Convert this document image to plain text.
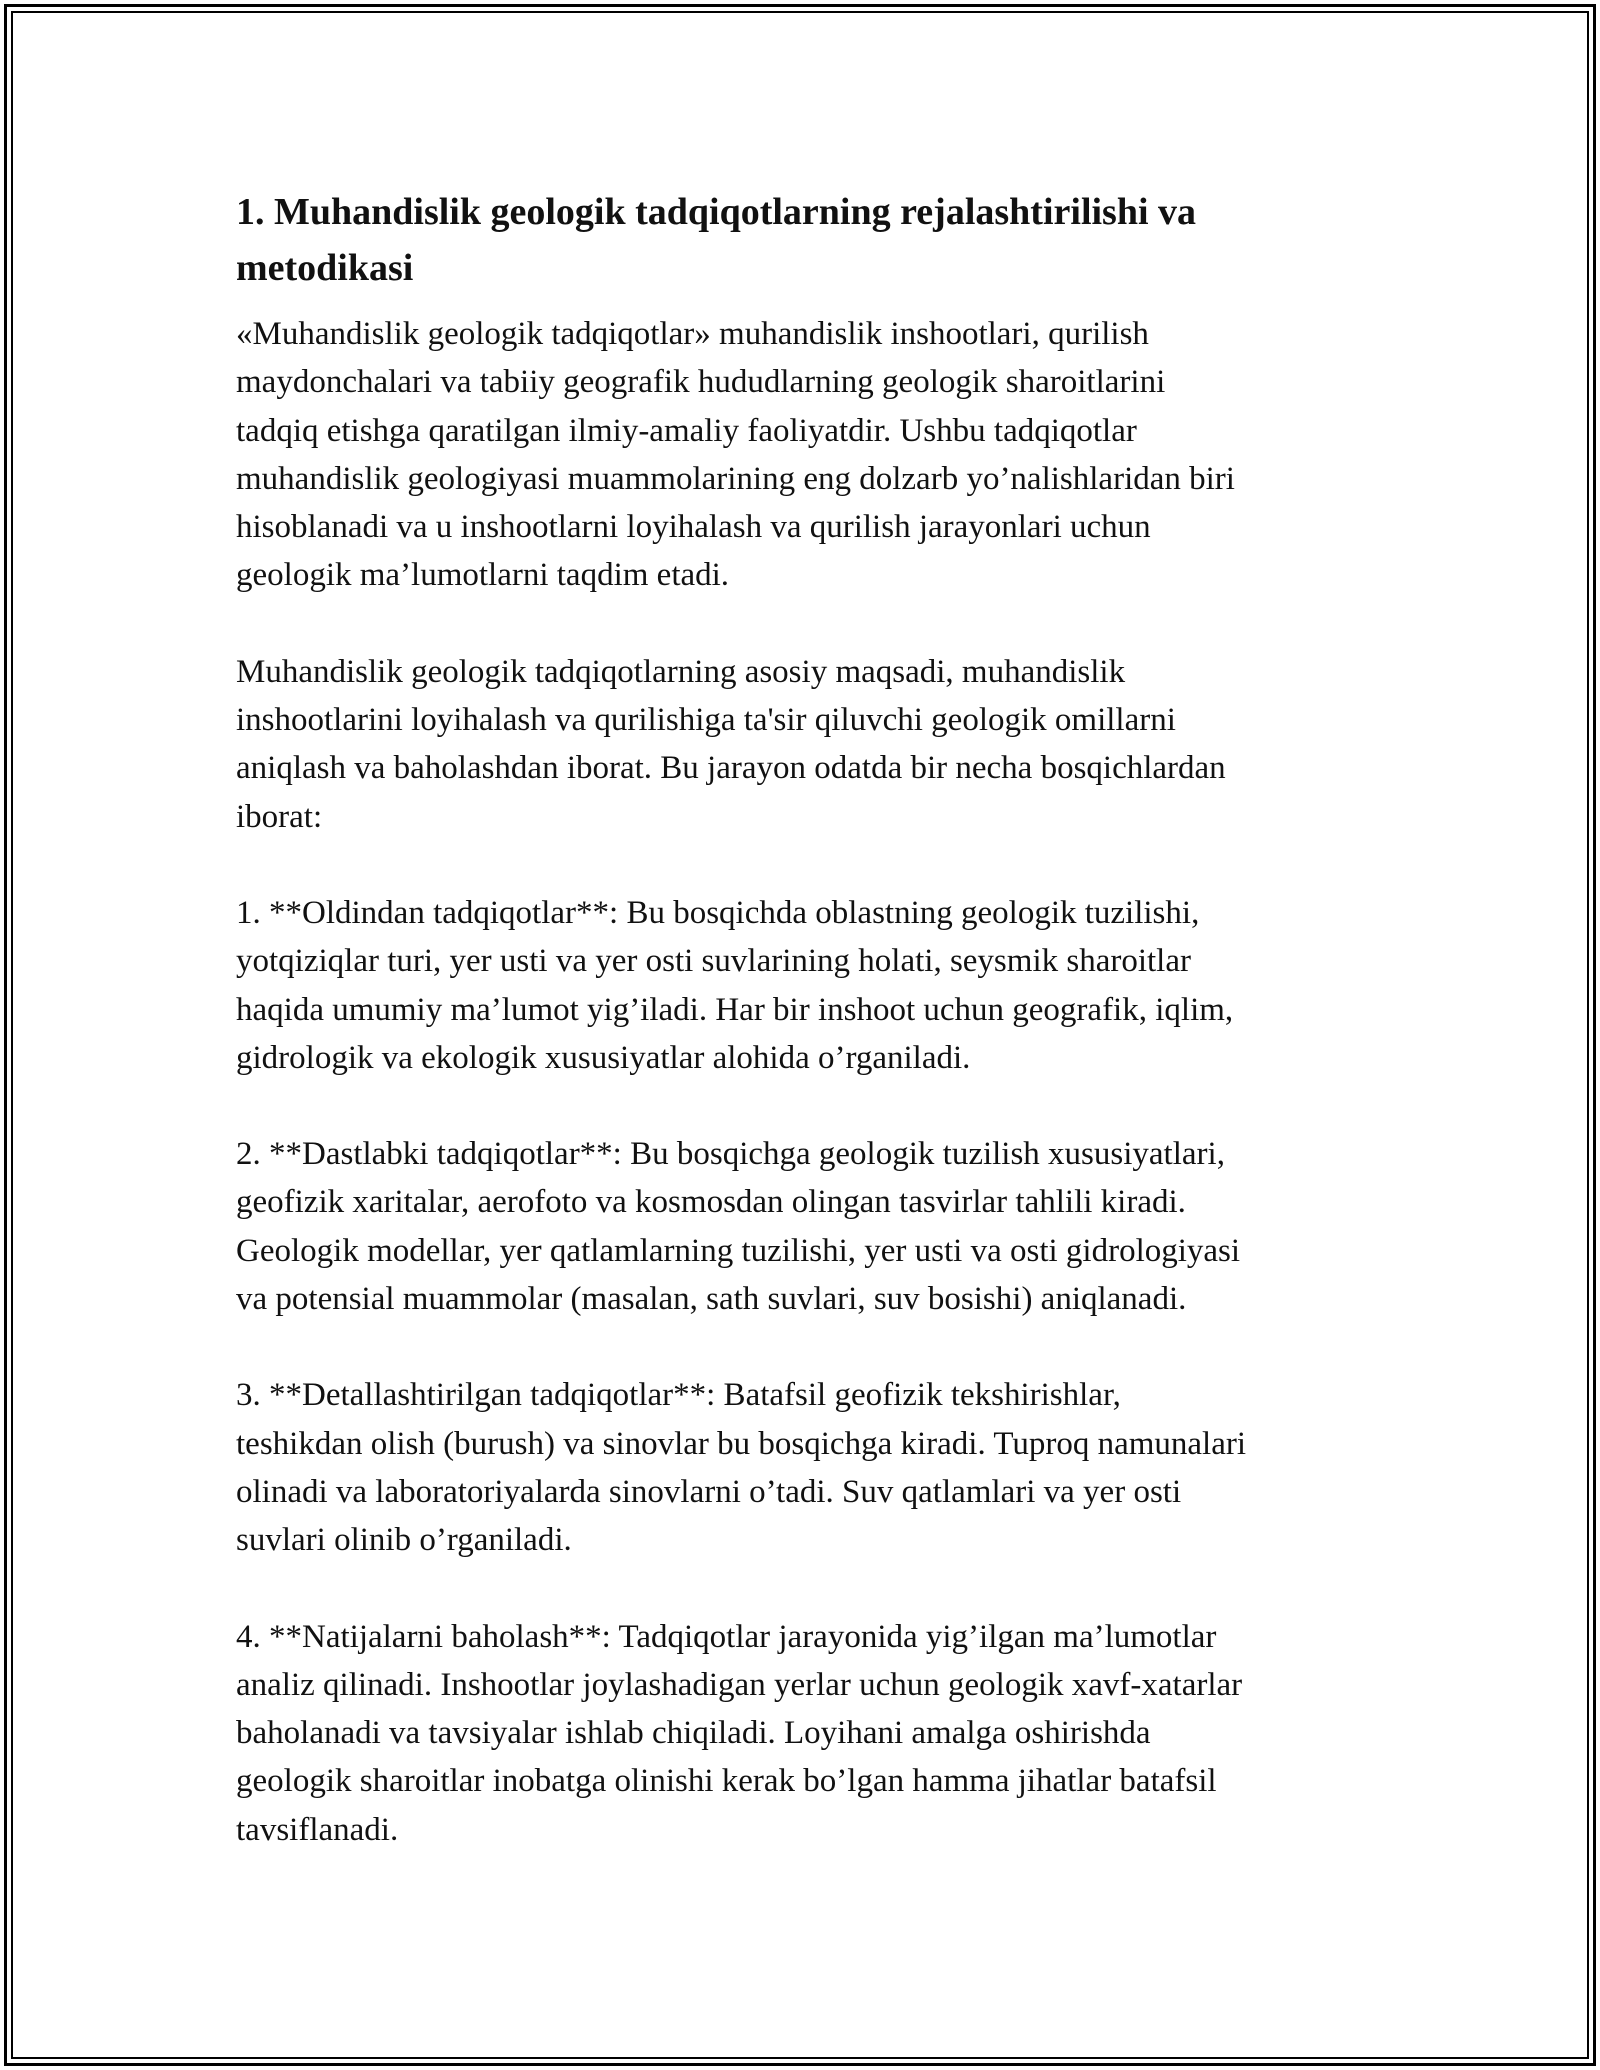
1. Muhandislik geologik tadqiqotlarning rejalashtirilishi va
metodikasi
«Muhandislik geologik tadqiqotlar» muhandislik inshootlari, qurilish
maydonchalari va tabiiy geografik hududlarning geologik sharoitlarini
tadqiq etishga qaratilgan ilmiy-amaliy faoliyatdir. Ushbu tadqiqotlar
muhandislik geologiyasi muammolarining eng dolzarb yo’nalishlaridan biri
hisoblanadi va u inshootlarni loyihalash va qurilish jarayonlari uchun
geologik ma’lumotlarni taqdim etadi.
Muhandislik geologik tadqiqotlarning asosiy maqsadi, muhandislik
inshootlarini loyihalash va qurilishiga ta'sir qiluvchi geologik omillarni
aniqlash va baholashdan iborat. Bu jarayon odatda bir necha bosqichlardan
iborat:
1. **Oldindan tadqiqotlar**: Bu bosqichda oblastning geologik tuzilishi,
yotqiziqlar turi, yer usti va yer osti suvlarining holati, seysmik sharoitlar
haqida umumiy ma’lumot yig’iladi. Har bir inshoot uchun geografik, iqlim,
gidrologik va ekologik xususiyatlar alohida o’rganiladi.
2. **Dastlabki tadqiqotlar**: Bu bosqichga geologik tuzilish xususiyatlari,
geofizik xaritalar, aerofoto va kosmosdan olingan tasvirlar tahlili kiradi.
Geologik modellar, yer qatlamlarning tuzilishi, yer usti va osti gidrologiyasi
va potensial muammolar (masalan, sath suvlari, suv bosishi) aniqlanadi.
3. **Detallashtirilgan tadqiqotlar**: Batafsil geofizik tekshirishlar,
teshikdan olish (burush) va sinovlar bu bosqichga kiradi. Tuproq namunalari
olinadi va laboratoriyalarda sinovlarni o’tadi. Suv qatlamlari va yer osti
suvlari olinib o’rganiladi.
4. **Natijalarni baholash**: Tadqiqotlar jarayonida yig’ilgan ma’lumotlar
analiz qilinadi. Inshootlar joylashadigan yerlar uchun geologik xavf-xatarlar
baholanadi va tavsiyalar ishlab chiqiladi. Loyihani amalga oshirishda
geologik sharoitlar inobatga olinishi kerak bo’lgan hamma jihatlar batafsil
tavsiflanadi.
